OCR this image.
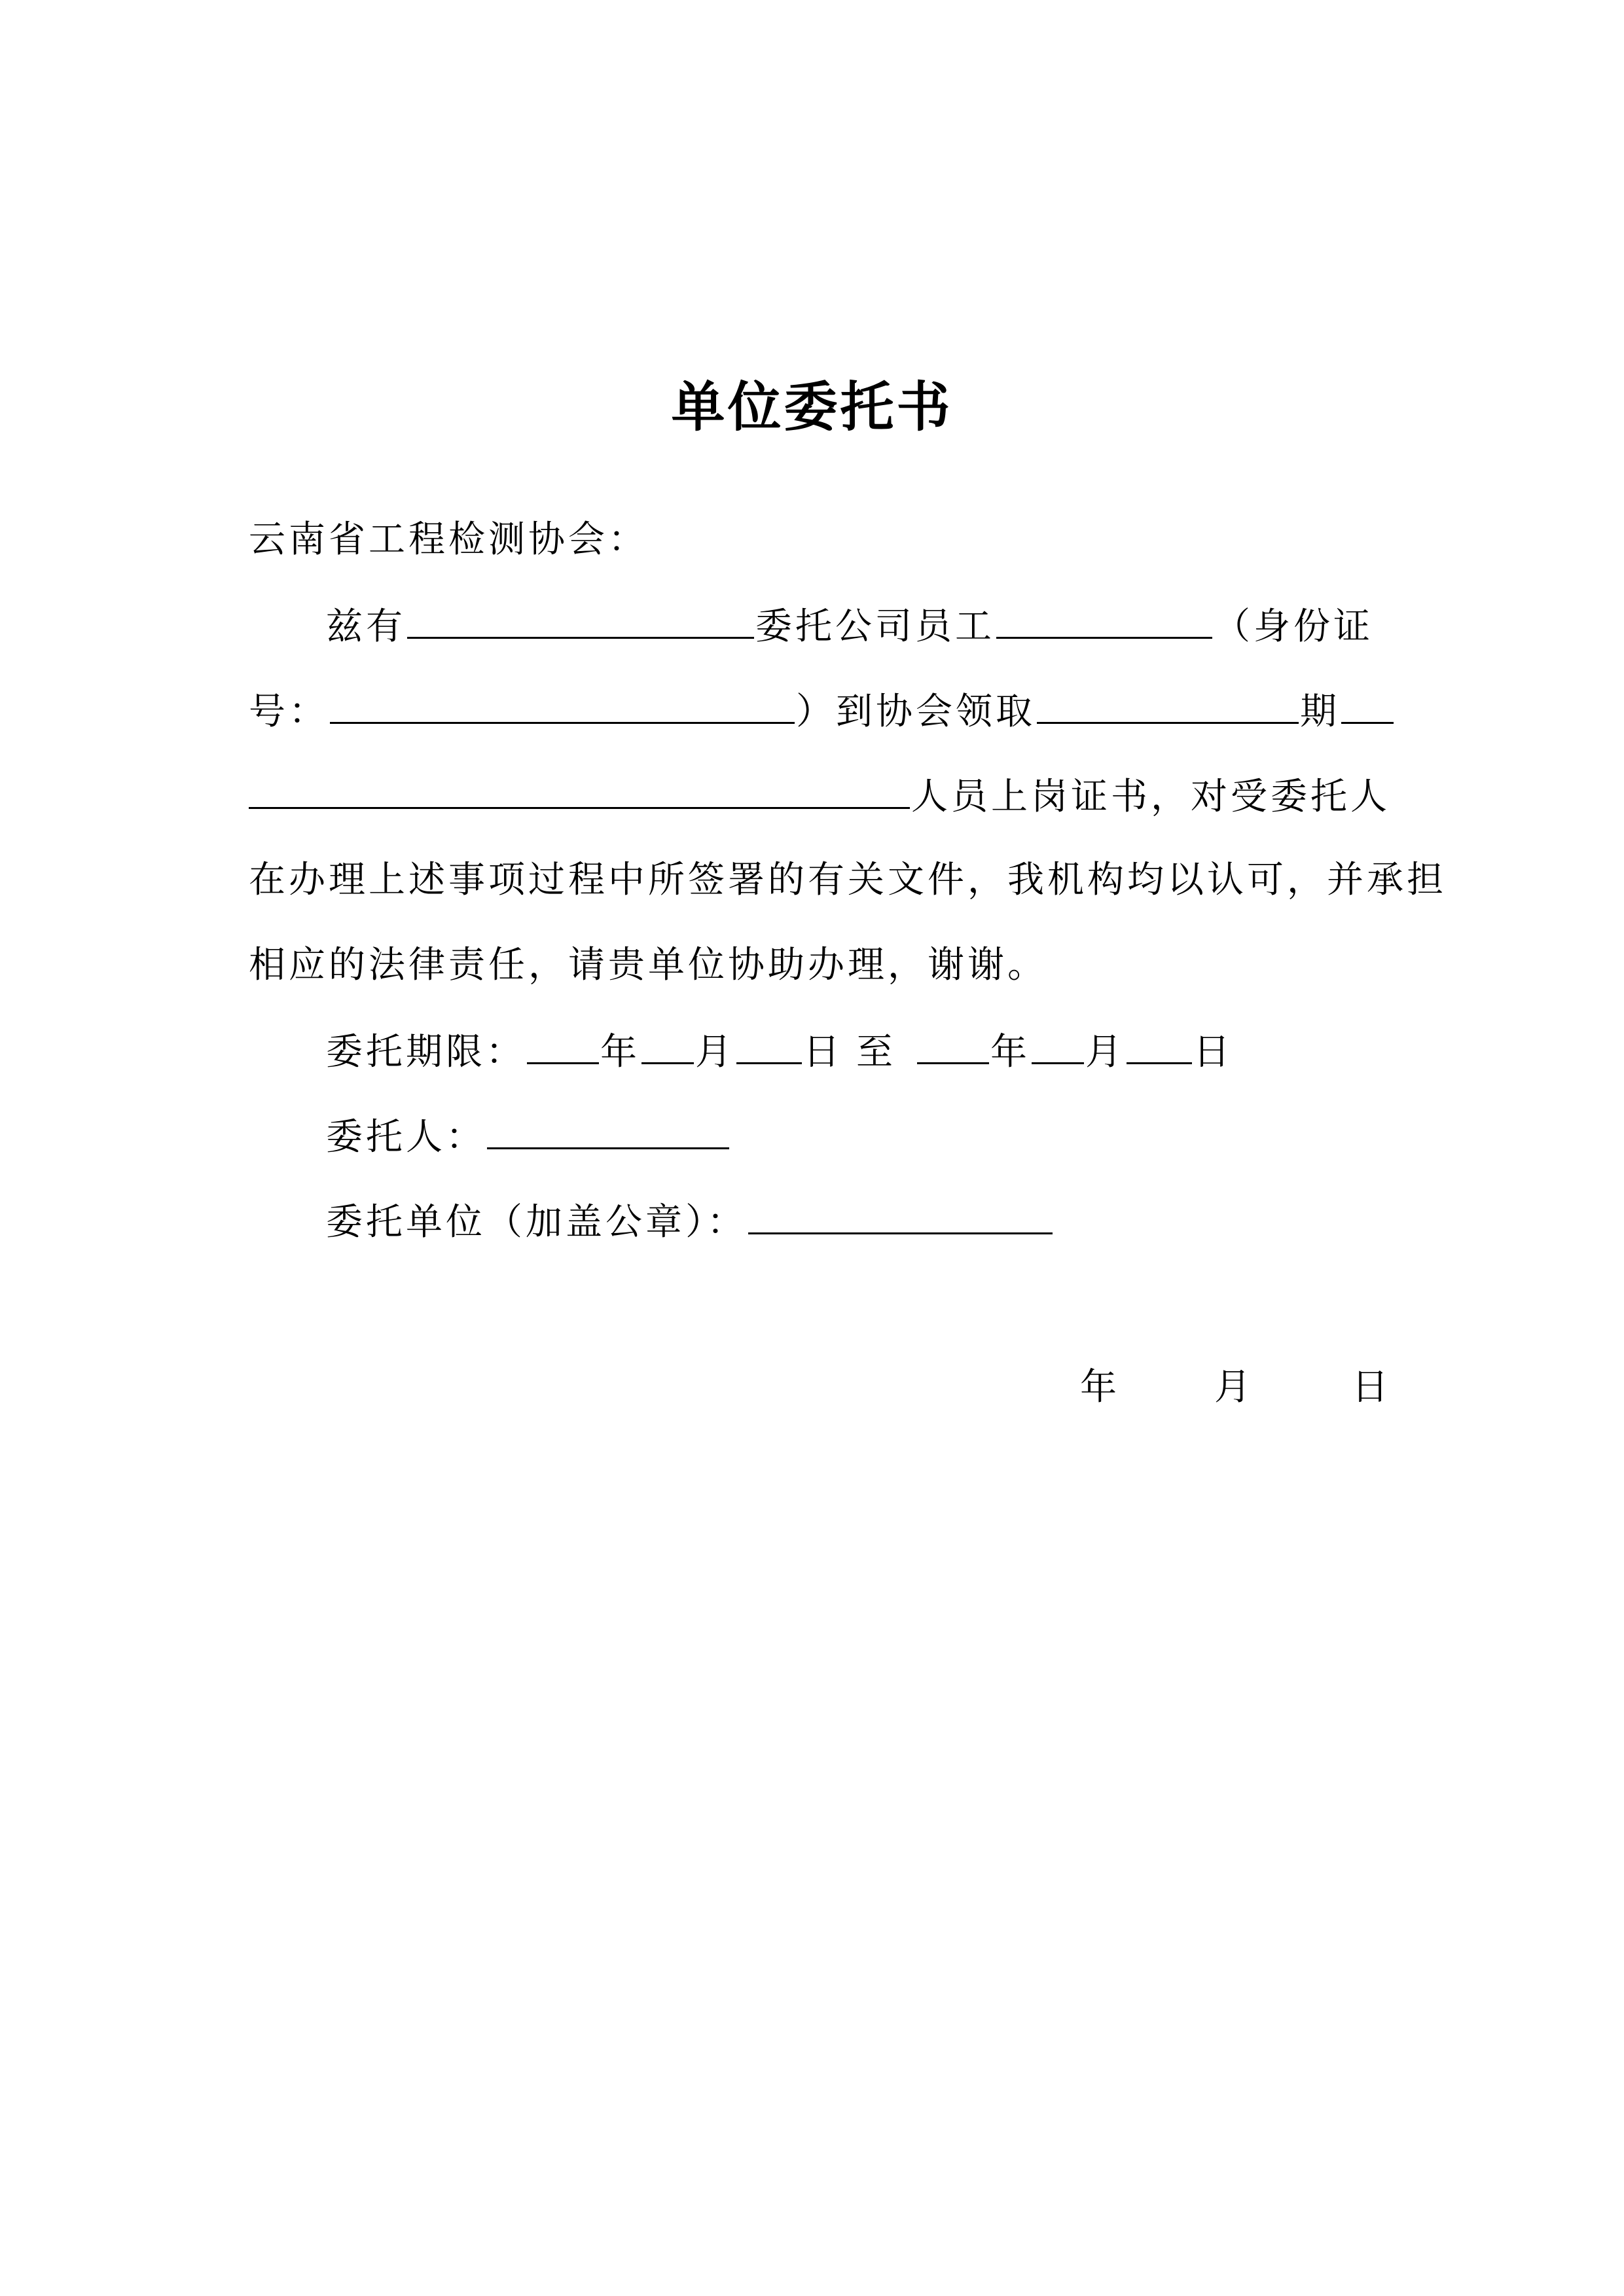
单位委托书
云南省工程检测协会：
兹有	委托公司员工	（身份证
号：	）到协会领取	期
人员上岗证书，对受委托人
在办理上述事项过程中所签署的有关文件，我机构均以认可，并承担
相应的法律责任，请贵单位协助办理，谢谢。
委托期限： 年 月 日 至	年 月 日
委托人：
委托单位（加盖公章）：
年	月	日
